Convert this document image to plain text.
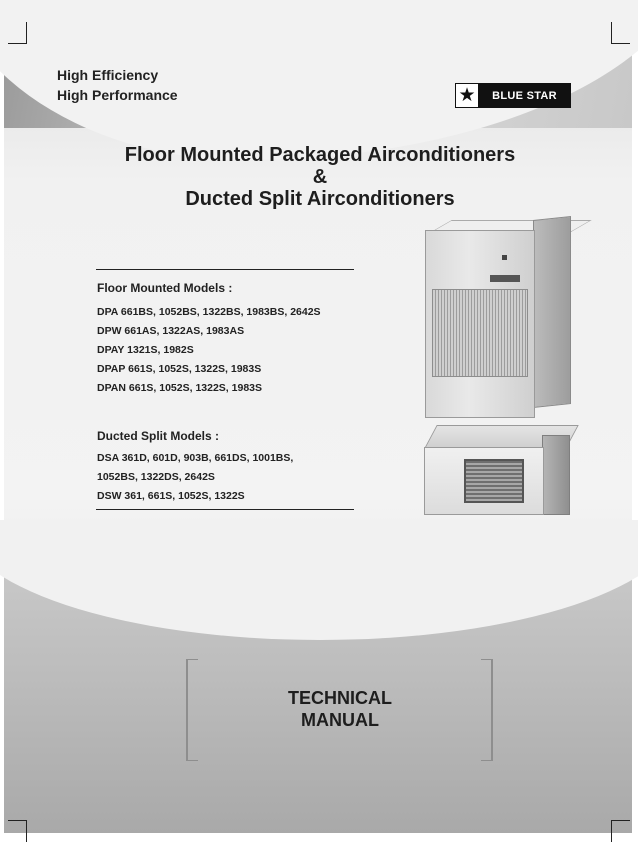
High Efficiency
High Performance	★	BLUE STAR
Floor Mounted Packaged Airconditioners
&
Ducted Split Airconditioners
Floor Mounted Models :
DPA 661BS, 1052BS, 1322BS, 1983BS, 2642S
DPW 661AS, 1322AS, 1983AS
DPAY 1321S, 1982S
DPAP 661S, 1052S, 1322S, 1983S
DPAN 661S, 1052S, 1322S, 1983S
Ducted Split Models :
DSA 361D, 601D, 903B, 661DS, 1001BS,
1052BS, 1322DS, 2642S
DSW 361, 661S, 1052S, 1322S
TECHNICAL
MANUAL
